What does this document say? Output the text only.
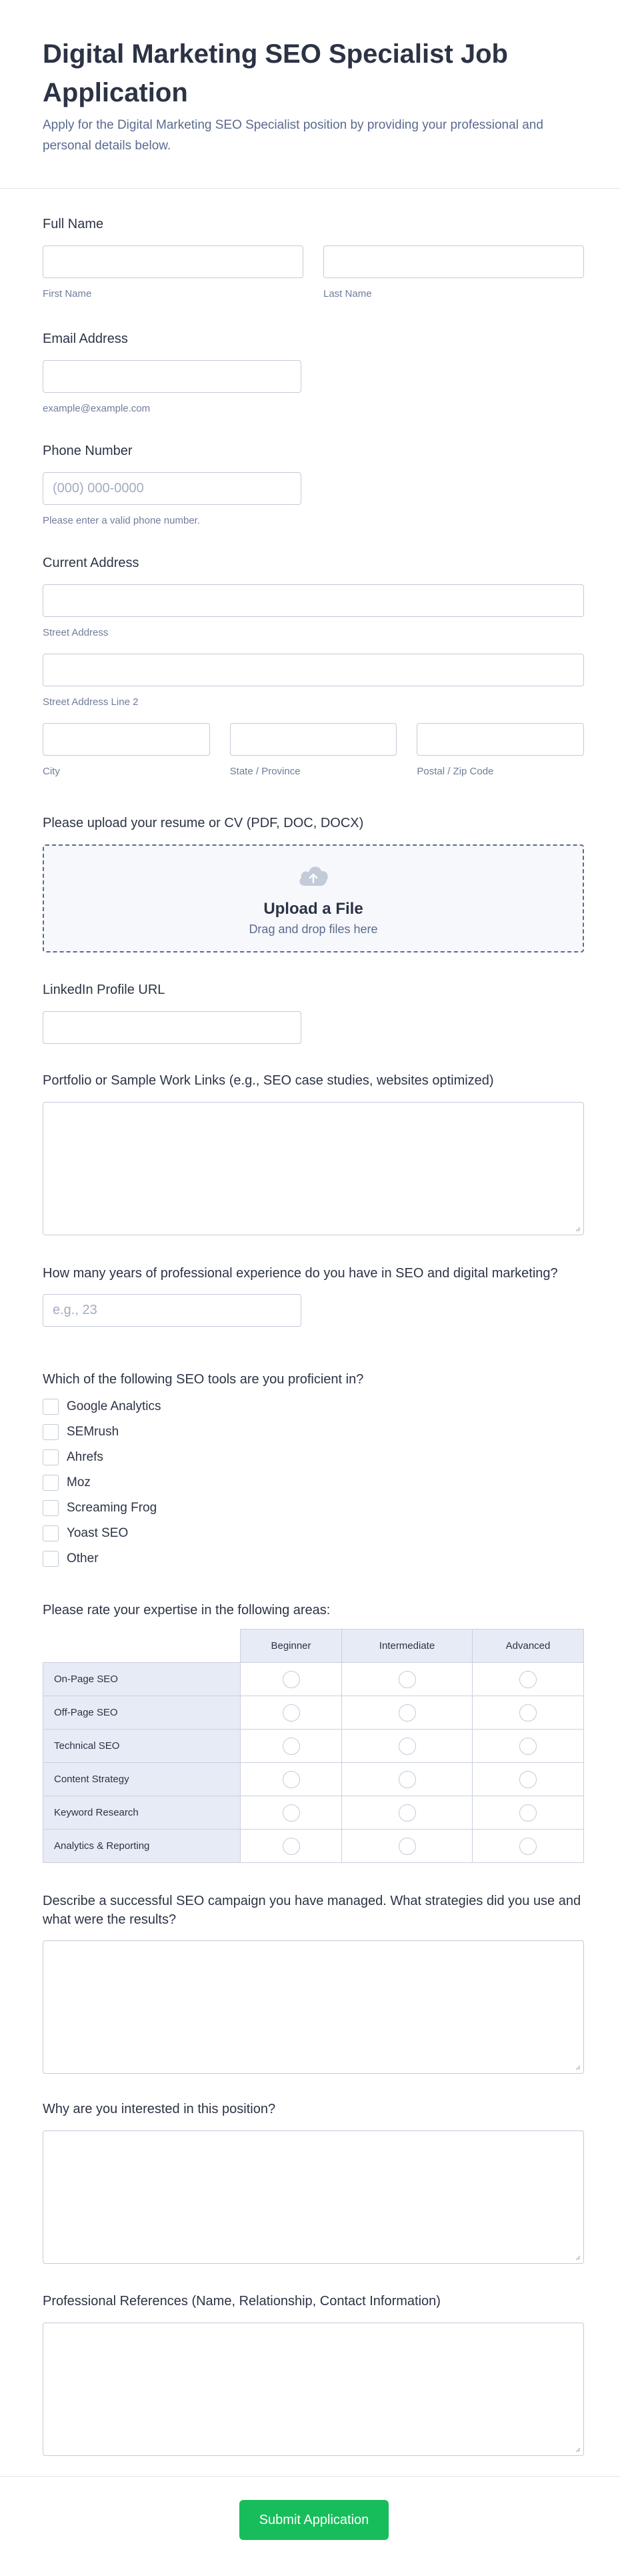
Digital Marketing SEO Specialist Job Application

Apply for the Digital Marketing SEO Specialist position by providing your professional and personal details below.

Full Name
First Name	Last Name
Email Address
example@example.com
Phone Number
(000) 000-0000
Please enter a valid phone number.
Current Address
Street Address
Street Address Line 2
City	State / Province	Postal / Zip Code
Please upload your resume or CV (PDF, DOC, DOCX)
Upload a File
Drag and drop files here
LinkedIn Profile URL
Portfolio or Sample Work Links (e.g., SEO case studies, websites optimized)
How many years of professional experience do you have in SEO and digital marketing?
e.g., 23
Which of the following SEO tools are you proficient in?
Google Analytics
SEMrush
Ahrefs
Moz
Screaming Frog
Yoast SEO
Other
Please rate your expertise in the following areas:
	Beginner	Intermediate	Advanced
On-Page SEO			
Off-Page SEO			
Technical SEO			
Content Strategy			
Keyword Research			
Analytics & Reporting			
Describe a successful SEO campaign you have managed. What strategies did you use and what were the results?
Why are you interested in this position?
Professional References (Name, Relationship, Contact Information)
Submit Application
